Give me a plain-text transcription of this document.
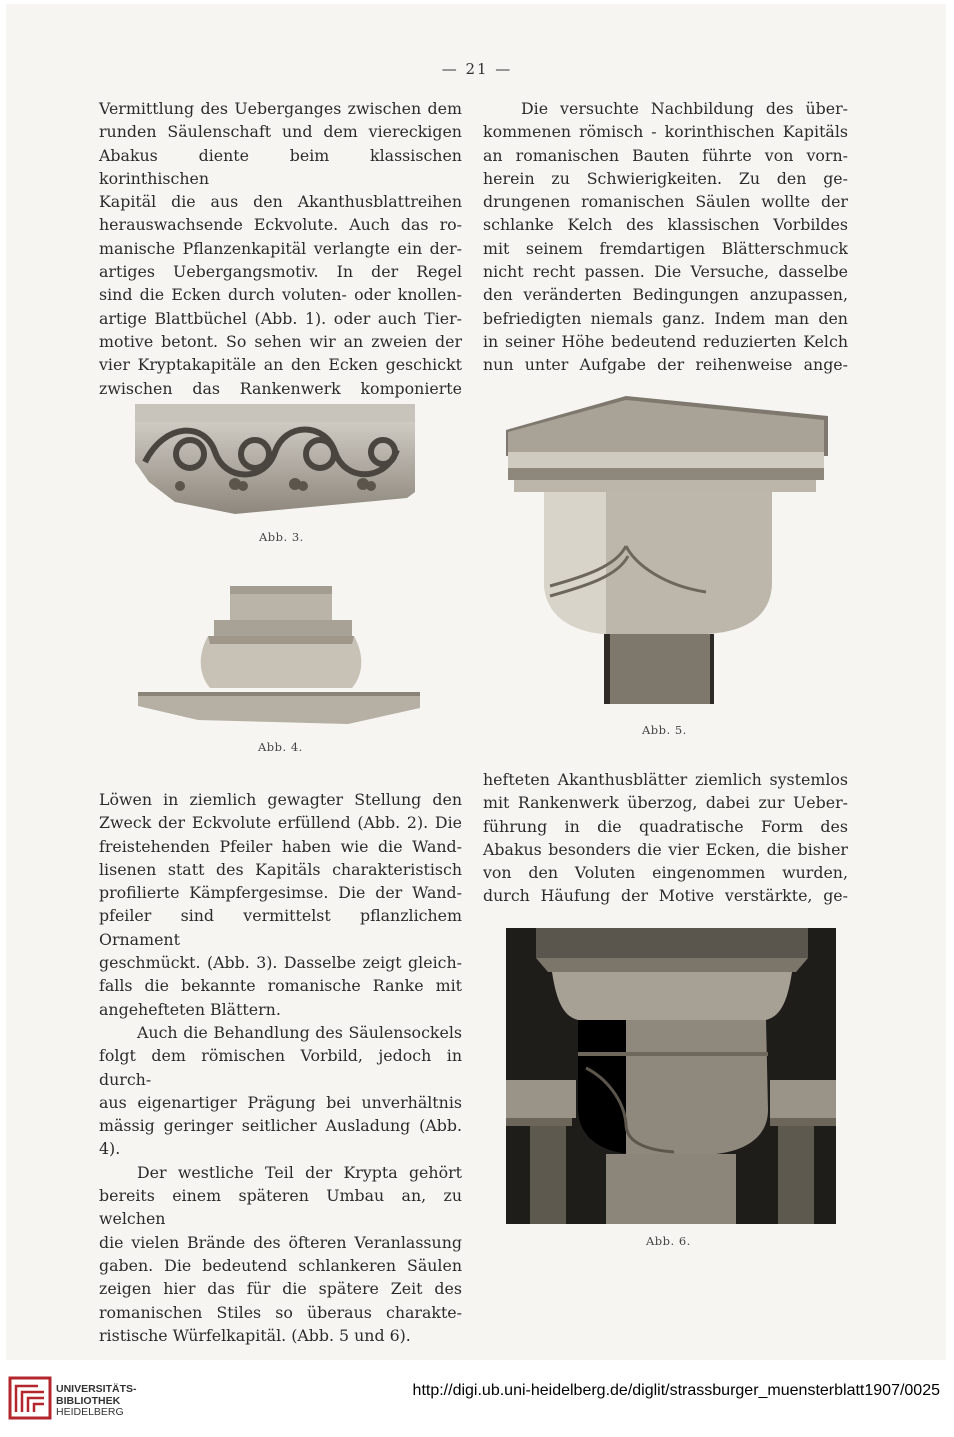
— 21 —

Vermittlung des Ueberganges zwischen dem
runden Säulenschaft und dem viereckigen
Abakus diente beim klassischen korinthischen
Kapitäl die aus den Akanthusblattreihen
herauswachsende Eckvolute. Auch das ro-
manische Pflanzenkapitäl verlangte ein der-
artiges Uebergangsmotiv. In der Regel
sind die Ecken durch voluten- oder knollen-
artige Blattbüchel (Abb. 1). oder auch Tier-
motive betont. So sehen wir an zweien der
vier Kryptakapitäle an den Ecken geschickt
zwischen das Rankenwerk komponierte

Die versuchte Nachbildung des über-
kommenen römisch - korinthischen Kapitäls
an romanischen Bauten führte von vorn-
herein zu Schwierigkeiten. Zu den ge-
drungenen romanischen Säulen wollte der
schlanke Kelch des klassischen Vorbildes
mit seinem fremdartigen Blätterschmuck
nicht recht passen. Die Versuche, dasselbe
den veränderten Bedingungen anzupassen,
befriedigten niemals ganz. Indem man den
in seiner Höhe bedeutend reduzierten Kelch
nun unter Aufgabe der reihenweise ange-

Abb. 3.
Abb. 4.
Abb. 5.

Löwen in ziemlich gewagter Stellung den
Zweck der Eckvolute erfüllend (Abb. 2). Die
freistehenden Pfeiler haben wie die Wand-
lisenen statt des Kapitäls charakteristisch
profilierte Kämpfergesimse. Die der Wand-
pfeiler sind vermittelst pflanzlichem Ornament
geschmückt. (Abb. 3). Dasselbe zeigt gleich-
falls die bekannte romanische Ranke mit
angehefteten Blättern.

Auch die Behandlung des Säulensockels
folgt dem römischen Vorbild, jedoch in durch-
aus eigenartiger Prägung bei unverhältnis
mässig geringer seitlicher Ausladung (Abb. 4).

Der westliche Teil der Krypta gehört
bereits einem späteren Umbau an, zu welchen
die vielen Brände des öfteren Veranlassung
gaben. Die bedeutend schlankeren Säulen
zeigen hier das für die spätere Zeit des
romanischen Stiles so überaus charakte-
ristische Würfelkapitäl. (Abb. 5 und 6).

hefteten Akanthusblätter ziemlich systemlos
mit Rankenwerk überzog, dabei zur Ueber-
führung in die quadratische Form des
Abakus besonders die vier Ecken, die bisher
von den Voluten eingenommen wurden,
durch Häufung der Motive verstärkte, ge-

Abb. 6.
UNIVERSITÄTS-
BIBLIOTHEK
HEIDELBERG
http://digi.ub.uni-heidelberg.de/diglit/strassburger_muensterblatt1907/0025
